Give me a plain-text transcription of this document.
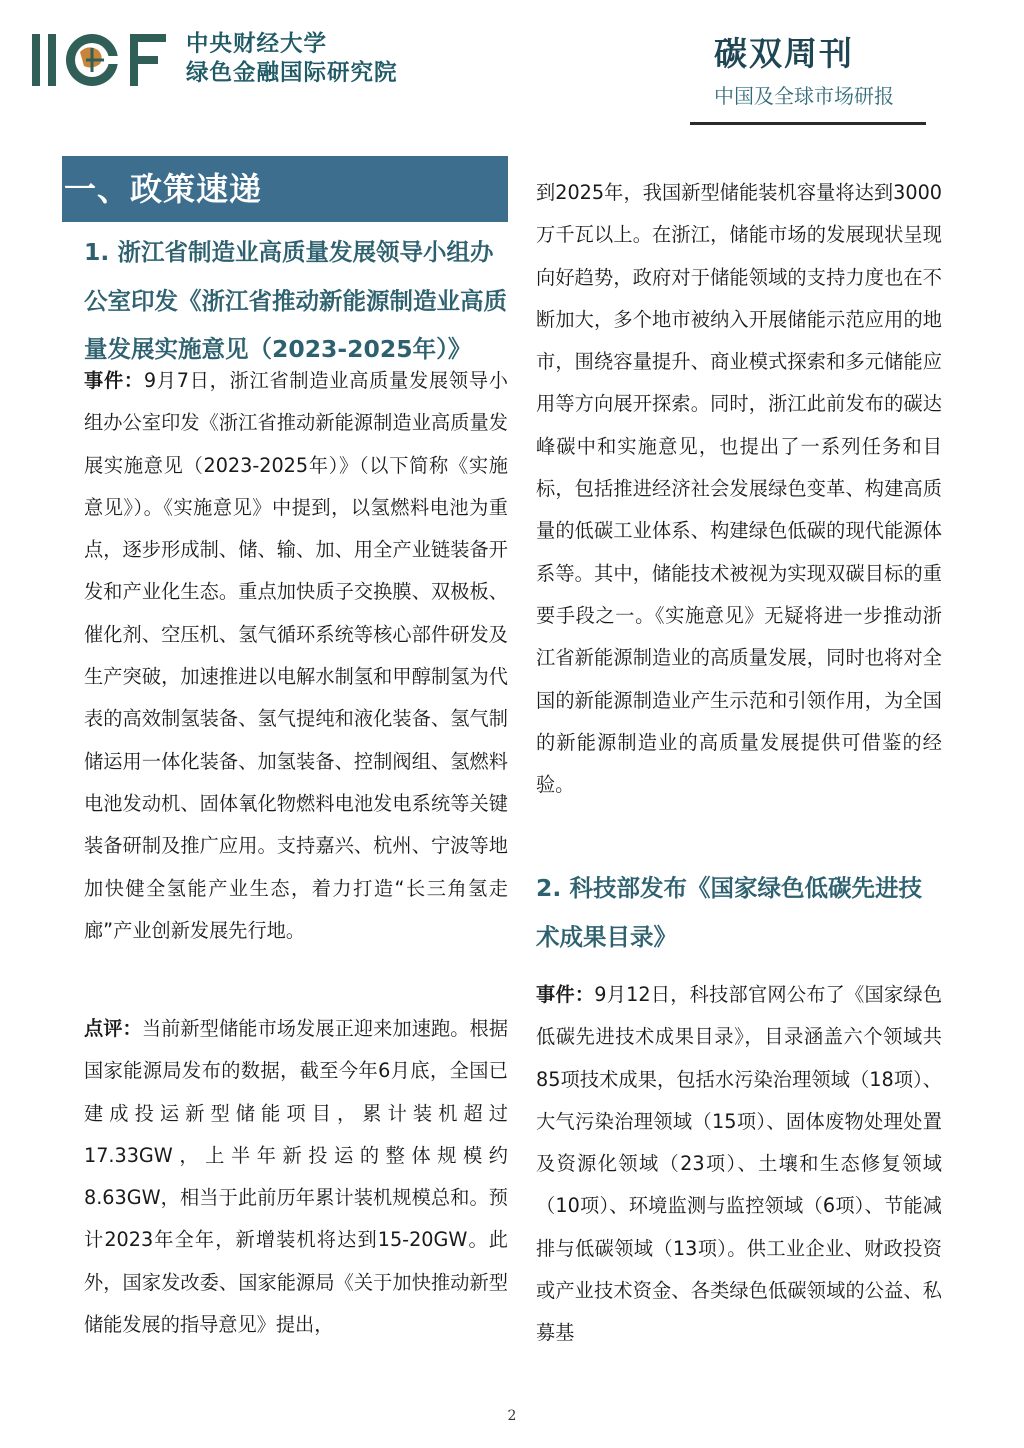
中央财经大学
绿色金融国际研究院	碳双周刊
中国及全球市场研报
一、政策速递
1. 浙江省制造业高质量发展领导小组办公室印发《浙江省推动新能源制造业高质量发展实施意见（2023-2025年）》
事件：9月7日，浙江省制造业高质量发展领导小组办公室印发《浙江省推动新能源制造业高质量发展实施意见（2023-2025年）》（以下简称《实施意见》）。《实施意见》中提到，以氢燃料电池为重点，逐步形成制、储、输、加、用全产业链装备开发和产业化生态。重点加快质子交换膜、双极板、催化剂、空压机、氢气循环系统等核心部件研发及生产突破，加速推进以电解水制氢和甲醇制氢为代表的高效制氢装备、氢气提纯和液化装备、氢气制储运用一体化装备、加氢装备、控制阀组、氢燃料电池发动机、固体氧化物燃料电池发电系统等关键装备研制及推广应用。支持嘉兴、杭州、宁波等地加快健全氢能产业生态，着力打造“长三角氢走廊”产业创新发展先行地。
点评：当前新型储能市场发展正迎来加速跑。根据国家能源局发布的数据，截至今年6月底，全国已建成投运新型储能项目，累计装机超过17.33GW，上半年新投运的整体规模约8.63GW，相当于此前历年累计装机规模总和。预计2023年全年，新增装机将达到15-20GW。此外，国家发改委、国家能源局《关于加快推动新型储能发展的指导意见》提出，
到2025年，我国新型储能装机容量将达到3000万千瓦以上。在浙江，储能市场的发展现状呈现向好趋势，政府对于储能领域的支持力度也在不断加大，多个地市被纳入开展储能示范应用的地市，围绕容量提升、商业模式探索和多元储能应用等方向展开探索。同时，浙江此前发布的碳达峰碳中和实施意见，也提出了一系列任务和目标，包括推进经济社会发展绿色变革、构建高质量的低碳工业体系、构建绿色低碳的现代能源体系等。其中，储能技术被视为实现双碳目标的重要手段之一。《实施意见》无疑将进一步推动浙江省新能源制造业的高质量发展，同时也将对全国的新能源制造业产生示范和引领作用，为全国的新能源制造业的高质量发展提供可借鉴的经验。
2. 科技部发布《国家绿色低碳先进技术成果目录》
事件：9月12日，科技部官网公布了《国家绿色低碳先进技术成果目录》，目录涵盖六个领域共85项技术成果，包括水污染治理领域（18项）、大气污染治理领域（15项）、固体废物处理处置及资源化领域（23项）、土壤和生态修复领域（10项）、环境监测与监控领域（6项）、节能减排与低碳领域（13项）。供工业企业、财政投资或产业技术资金、各类绿色低碳领域的公益、私募基
2
